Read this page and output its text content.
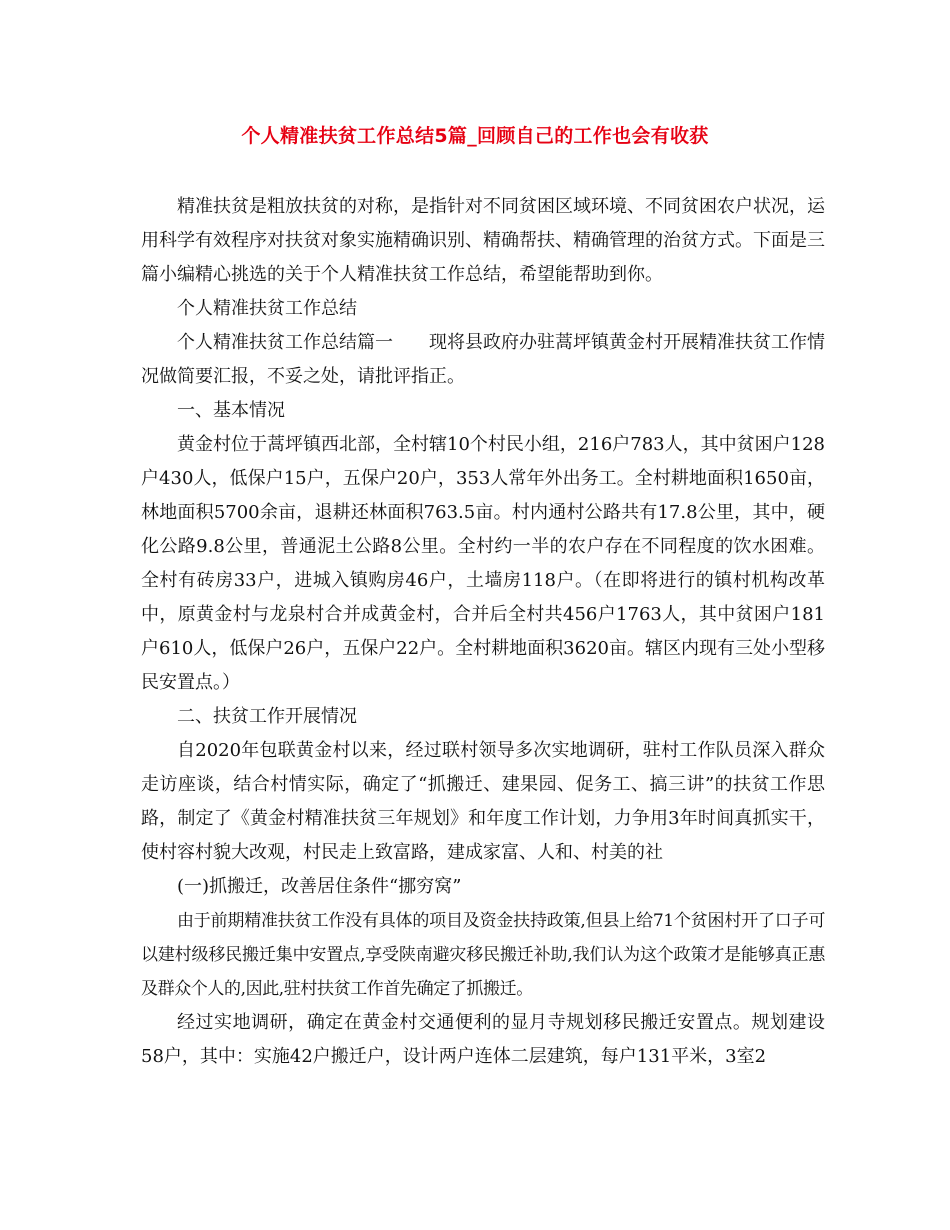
个人精准扶贫工作总结5篇_回顾自己的工作也会有收获

精准扶贫是粗放扶贫的对称，是指针对不同贫困区域环境、不同贫困农户状况，运用科学有效程序对扶贫对象实施精确识别、精确帮扶、精确管理的治贫方式。下面是三篇小编精心挑选的关于个人精准扶贫工作总结，希望能帮助到你。

个人精准扶贫工作总结

个人精准扶贫工作总结篇一　　现将县政府办驻蒿坪镇黄金村开展精准扶贫工作情况做简要汇报，不妥之处，请批评指正。

一、基本情况

黄金村位于蒿坪镇西北部，全村辖10个村民小组，216户783人，其中贫困户128户430人，低保户15户，五保户20户，353人常年外出务工。全村耕地面积1650亩，林地面积5700余亩，退耕还林面积763.5亩。村内通村公路共有17.8公里，其中，硬化公路9.8公里，普通泥土公路8公里。全村约一半的农户存在不同程度的饮水困难。全村有砖房33户，进城入镇购房46户，土墙房118户。（在即将进行的镇村机构改革中，原黄金村与龙泉村合并成黄金村，合并后全村共456户1763人，其中贫困户181户610人，低保户26户，五保户22户。全村耕地面积3620亩。辖区内现有三处小型移民安置点。）

二、扶贫工作开展情况

自2020年包联黄金村以来，经过联村领导多次实地调研，驻村工作队员深入群众走访座谈，结合村情实际，确定了“抓搬迁、建果园、促务工、搞三讲”的扶贫工作思路，制定了《黄金村精准扶贫三年规划》和年度工作计划，力争用3年时间真抓实干，使村容村貌大改观，村民走上致富路，建成家富、人和、村美的社

(一)抓搬迁，改善居住条件“挪穷窝”

由于前期精准扶贫工作没有具体的项目及资金扶持政策,但县上给71个贫困村开了口子可以建村级移民搬迁集中安置点,享受陕南避灾移民搬迁补助,我们认为这个政策才是能够真正惠及群众个人的,因此,驻村扶贫工作首先确定了抓搬迁。

经过实地调研，确定在黄金村交通便利的显月寺规划移民搬迁安置点。规划建设58户，其中：实施42户搬迁户，设计两户连体二层建筑，每户131平米，3室2
